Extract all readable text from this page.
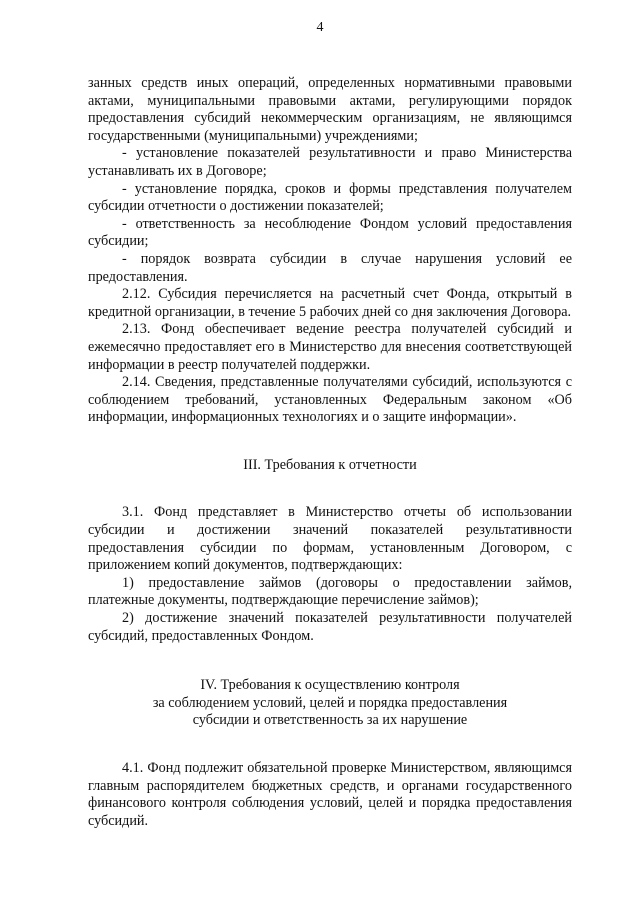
4

занных средств иных операций, определенных нормативными правовыми актами, муниципальными правовыми актами, регулирующими порядок предоставления субсидий некоммерческим организациям, не являющимся государственными (муниципальными) учреждениями;

- установление показателей результативности и право Министерства устанавливать их в Договоре;

- установление порядка, сроков и формы представления получателем субсидии отчетности о достижении показателей;

- ответственность за несоблюдение Фондом условий предоставления субсидии;

- порядок возврата субсидии в случае нарушения условий ее предоставления.

2.12. Субсидия перечисляется на расчетный счет Фонда, открытый в кредитной организации, в течение 5 рабочих дней со дня заключения Договора.

2.13. Фонд обеспечивает ведение реестра получателей субсидий и ежемесячно предоставляет его в Министерство для внесения соответствующей информации в реестр получателей поддержки.

2.14. Сведения, представленные получателями субсидий, используются с соблюдением требований, установленных Федеральным законом «Об информации, информационных технологиях и о защите информации».

III. Требования к отчетности

3.1. Фонд представляет в Министерство отчеты об использовании субсидии и достижении значений показателей результативности предоставления субсидии по формам, установленным Договором, с приложением копий документов, подтверждающих:

1) предоставление займов (договоры о предоставлении займов, платежные документы, подтверждающие перечисление займов);

2) достижение значений показателей результативности получателей субсидий, предоставленных Фондом.

IV. Требования к осуществлению контроля
за соблюдением условий, целей и порядка предоставления
субсидии и ответственность за их нарушение

4.1. Фонд подлежит обязательной проверке Министерством, являющимся главным распорядителем бюджетных средств, и органами государственного финансового контроля соблюдения условий, целей и порядка предоставления субсидий.
